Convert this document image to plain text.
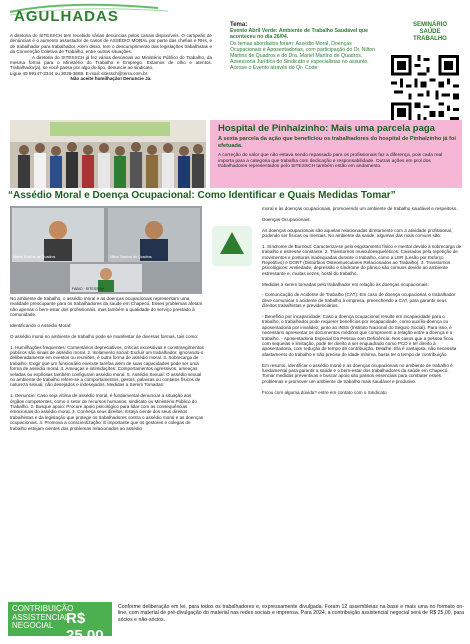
AGULHADAS

A diretoria do SITESSCH tem recebido várias denúncias pelos canais disponíveis. O campeão de denúncias é o aumento assustador de casos de ASSÉDIO MORAL por parte das chefias e RHs, e de trabalhador para trabalhador. Além disso, tem o descumprimento das legislações trabalhistas e da Convenção Coletiva de Trabalho, entre outras situações.

A diretoria do SITESSCH já fez várias denúncias ao Ministério Público do Trabalho, da mesma forma para o Ministério do Trabalho e Emprego. Estamos de olho e atentos. Trabalhador(a), se você passa por algo do tipo, denuncie ao sindicato.

Ligue 49 99147-3344 ou 3026-3668. E-mail: sitessch@terra.com.br.

Não aceite humilhação! Denuncie Já.

Tema:
Evento Abril Verde: Ambiente de Trabalho Saudável que aconteceu no dia 26/04.
Os temas abordados foram: Assédio Moral, Doenças Ocupacionais e Aposentadorias, com participação do Dr. Nilton Martins de Quadros e do Dra. Mariel Martins de Quadros, Assessoria Jurídica do Sindicato e especialistas no assunto. Acesse o Evento através do Qr- Code:
SEMINÁRIO
SAÚDE
TRABALHO
Hospital de Pinhalzinho: Mais uma parcela paga
A sexta parcela da ação que beneficiou os trabalhadores do hospital de Pinhalzinho já foi efetuada.
A correção do valor que não estava sendo repassado para os profissionais faz a diferença, pois cada real importa para a categoria que trabalha com dedicação e responsabilidade. Outras ações em prol dos trabalhadores representados pelo SITESSCH também estão em andamento.
“Assédio Moral e Doença Ocupacional: Como Identificar e Quais Medidas Tomar”
Mariel Martins de Quadros	Nilton Martins de Quadros
FABIO · SITESSCH

No ambiente de trabalho, o assédio moral e as doenças ocupacionais representam uma realidade preocupante para os trabalhadores da saúde em Chapecó. Esses problemas afetam não apenas o bem-estar dos profissionais, mas também a qualidade do serviço prestado à comunidade.

Identificando o Assédio Moral:

O assédio moral no ambiente de trabalho pode se manifestar de diversas formas, tais como:

1. Humilhações frequentes: Comentários depreciativos, críticas excessivas e constrangimentos públicos são sinais de assédio moral. 2. Isolamento social: Excluir um trabalhador, ignorando-o deliberadamente em eventos ou reuniões, é outra forma de assédio moral. 3. Sobrecarga de trabalho: Exigir que um funcionário execute tarefas além de suas capacidades pode ser uma forma de assédio moral. 4. Ameaças e intimidações: Comportamentos agressivos, ameaças veladas ou explícitas também configuram assédio moral. 5. Assédio Sexual: O assédio sexual no ambiente de trabalho refere-se a comportamentos, gestos, palavras ou contatos físicos de natureza sexual, não desejados e indesejados. Medidas a Serem Tomadas:

1. Denuncie: Caso seja vítima de assédio moral, é fundamental denunciar a situação aos órgãos competentes, como o setor de recursos humanos, sindicato ou Ministério Público do Trabalho. 2. Busque apoio: Procure apoio psicológico para lidar com as consequências emocionais do assédio moral. 3. Conheça seus direitos: Esteja ciente dos seus direitos trabalhistas e da legislação que protege os trabalhadores contra o assédio moral e as doenças ocupacionais. 4. Promova a conscientização: É importante que os gestores e colegas de trabalho estejam cientes dos problemas relacionados ao assédio

moral e às doenças ocupacionais, promovendo um ambiente de trabalho saudável e respeitoso.

Doenças Ocupacionais:

As doenças ocupacionais são aquelas relacionadas diretamente com a atividade profissional, podendo ser físicas ou mentais. No ambiente da saúde, algumas das mais comuns são:

1. Síndrome de Burnout: Caracteriza-se pelo esgotamento físico e mental devido à sobrecarga de trabalho e estresse constante. 2. Transtornos musculoesqueléticos: Causados pela repetição de movimentos e posturas inadequadas durante o trabalho, como a LER (Lesão por Esforço Repetitivo) e DORT (Distúrbios Osteomusculares Relacionados ao Trabalho). 3. Transtornos psicológicos: Ansiedade, depressão e síndrome do pânico são comuns devido ao ambiente estressante e, muitas vezes, hostil do trabalho.

Medidas a serem tomadas pelo trabalhador em relação às doenças ocupacionais:

- Comunicação de Acidente de Trabalho (CAT): Em caso de doença ocupacional, o trabalhador deve comunicar o acidente de trabalho à empresa, preenchendo a CAT, para garantir seus direitos trabalhistas e previdenciários.

- Benefício por incapacidade: Caso a doença ocupacional resulte em incapacidade para o trabalho, o trabalhador pode requerer benefícios por incapacidade, como auxílio-doença ou aposentadoria por invalidez, junto ao INSS (Instituto Nacional do Seguro Social). Para isso, é necessário apresentar os documentos médicos que comprovem a relação entre a doença e o trabalho. - Aposentadoria Especial Da Pessoa com Deficiência: Nos casos que a pessoa ficou com sequelas e limitação, pode ter direito a ser enquadrado como PCD e ter direito à aposentadoria, com redução de tempo de contribuição. Detalhe: Ela é vantajosa, não necessita afastamento do trabalho e não precisa de idade mínima, basta ter o tempo de contribuição.

Em resumo, identificar o assédio moral e as doenças ocupacionais no ambiente de trabalho é fundamental para garantir a saúde e o bem-estar dos trabalhadores da saúde em Chapecó. Tomar medidas preventivas e buscar apoio são passos essenciais para combater esses problemas e promover um ambiente de trabalho mais saudável e produtivo.

Ficou com alguma dúvida? entre em contato com o Sindicato

CONTRIBUIÇÃO ASSISTENCIAL NEGOCIAL R$ 25,00
Conforme deliberação em lei, para todos os trabalhadores e, expressamente divulgada. Foram 12 assembleias na base e mais uma no formato on-line, com material de pré-divulgação do material nas redes sociais e imprensa. Para 2024, a contribuição assistencial negocial será de R$ 25,00, para sócios e não-sócios.
